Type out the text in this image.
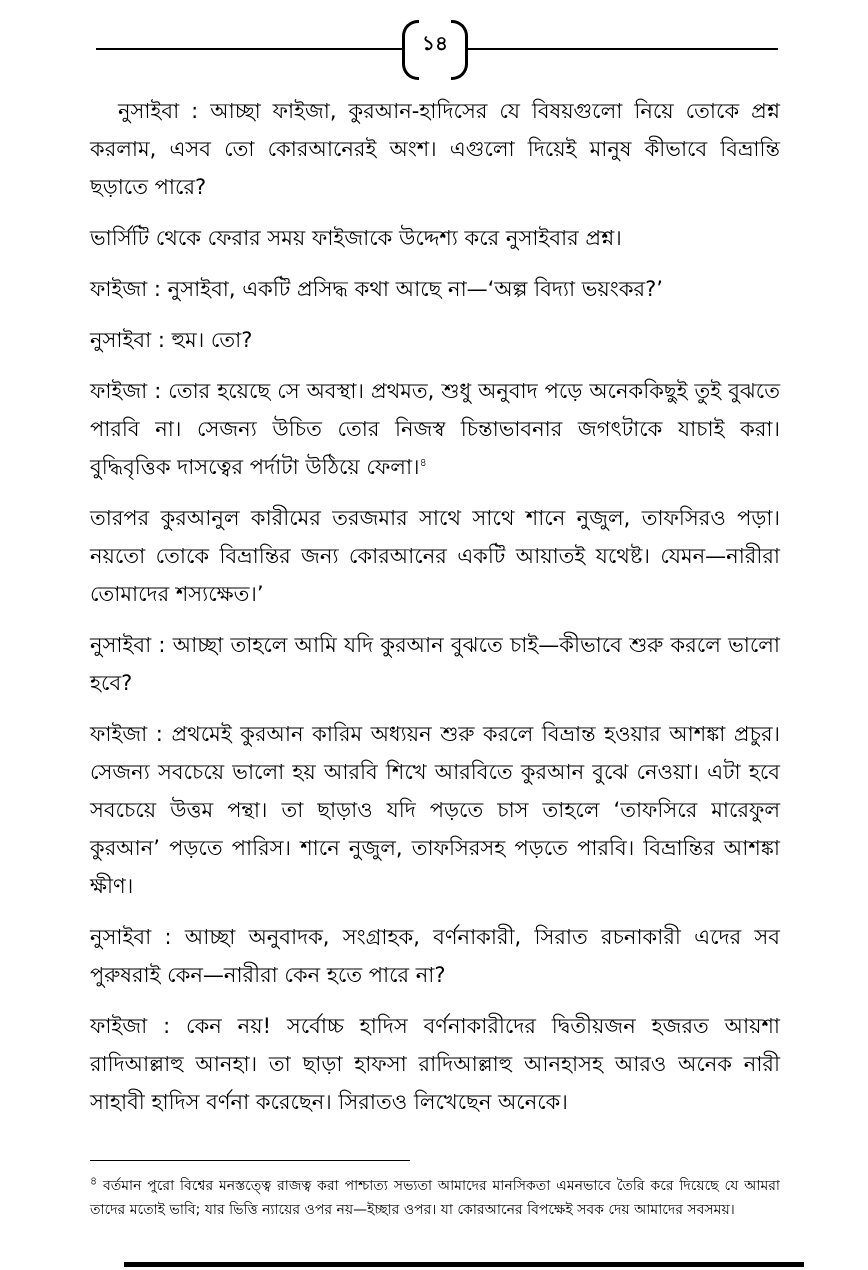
১৪

নুসাইবা : আচ্ছা ফাইজা, কুরআন-হাদিসের যে বিষয়গুলো নিয়ে তোকে প্রশ্ন করলাম, এসব তো কোরআনেরই অংশ। এগুলো দিয়েই মানুষ কীভাবে বিভ্রান্তি ছড়াতে পারে?

ভার্সিটি থেকে ফেরার সময় ফাইজাকে উদ্দেশ্য করে নুসাইবার প্রশ্ন।

ফাইজা : নুসাইবা, একটি প্রসিদ্ধ কথা আছে না—‘অল্প বিদ্যা ভয়ংকর?’

নুসাইবা : হুম। তো?

ফাইজা : তোর হয়েছে সে অবস্থা। প্রথমত, শুধু অনুবাদ পড়ে অনেককিছুই তুই বুঝতে পারবি না। সেজন্য উচিত তোর নিজস্ব চিন্তাভাবনার জগৎটাকে যাচাই করা। বুদ্ধিবৃত্তিক দাসত্বের পর্দাটা উঠিয়ে ফেলা।$^৪$

তারপর কুরআনুল কারীমের তরজমার সাথে সাথে শানে নুজুল, তাফসিরও পড়া। নয়তো তোকে বিভ্রান্তির জন্য কোরআনের একটি আয়াতই যথেষ্ট। যেমন—নারীরা তোমাদের শস্যক্ষেত।’

নুসাইবা : আচ্ছা তাহলে আমি যদি কুরআন বুঝতে চাই—কীভাবে শুরু করলে ভালো হবে?

ফাইজা : প্রথমেই কুরআন কারিম অধ্যয়ন শুরু করলে বিভ্রান্ত হওয়ার আশঙ্কা প্রচুর। সেজন্য সবচেয়ে ভালো হয় আরবি শিখে আরবিতে কুরআন বুঝে নেওয়া। এটা হবে সবচেয়ে উত্তম পন্থা। তা ছাড়াও যদি পড়তে চাস তাহলে ‘তাফসিরে মারেফুল কুরআন’ পড়তে পারিস। শানে নুজুল, তাফসিরসহ পড়তে পারবি। বিভ্রান্তির আশঙ্কা ক্ষীণ।

নুসাইবা : আচ্ছা অনুবাদক, সংগ্রাহক, বর্ণনাকারী, সিরাত রচনাকারী এদের সব পুরুষরাই কেন—নারীরা কেন হতে পারে না?

ফাইজা : কেন নয়! সর্বোচ্চ হাদিস বর্ণনাকারীদের দ্বিতীয়জন হজরত আয়শা রাদিআল্লাহু আনহা। তা ছাড়া হাফসা রাদিআল্লাহু আনহাসহ আরও অনেক নারী সাহাবী হাদিস বর্ণনা করেছেন। সিরাতও লিখেছেন অনেকে।

$^৪$ বর্তমান পুরো বিশ্বের মনস্তত্ত্বে রাজত্ব করা পাশ্চাত্য সভ্যতা আমাদের মানসিকতা এমনভাবে তৈরি করে দিয়েছে যে আমরা তাদের মতোই ভাবি; যার ভিত্তি ন্যায়ের ওপর নয়—ইচ্ছার ওপর। যা কোরআনের বিপক্ষেই সবক দেয় আমাদের সবসময়।
